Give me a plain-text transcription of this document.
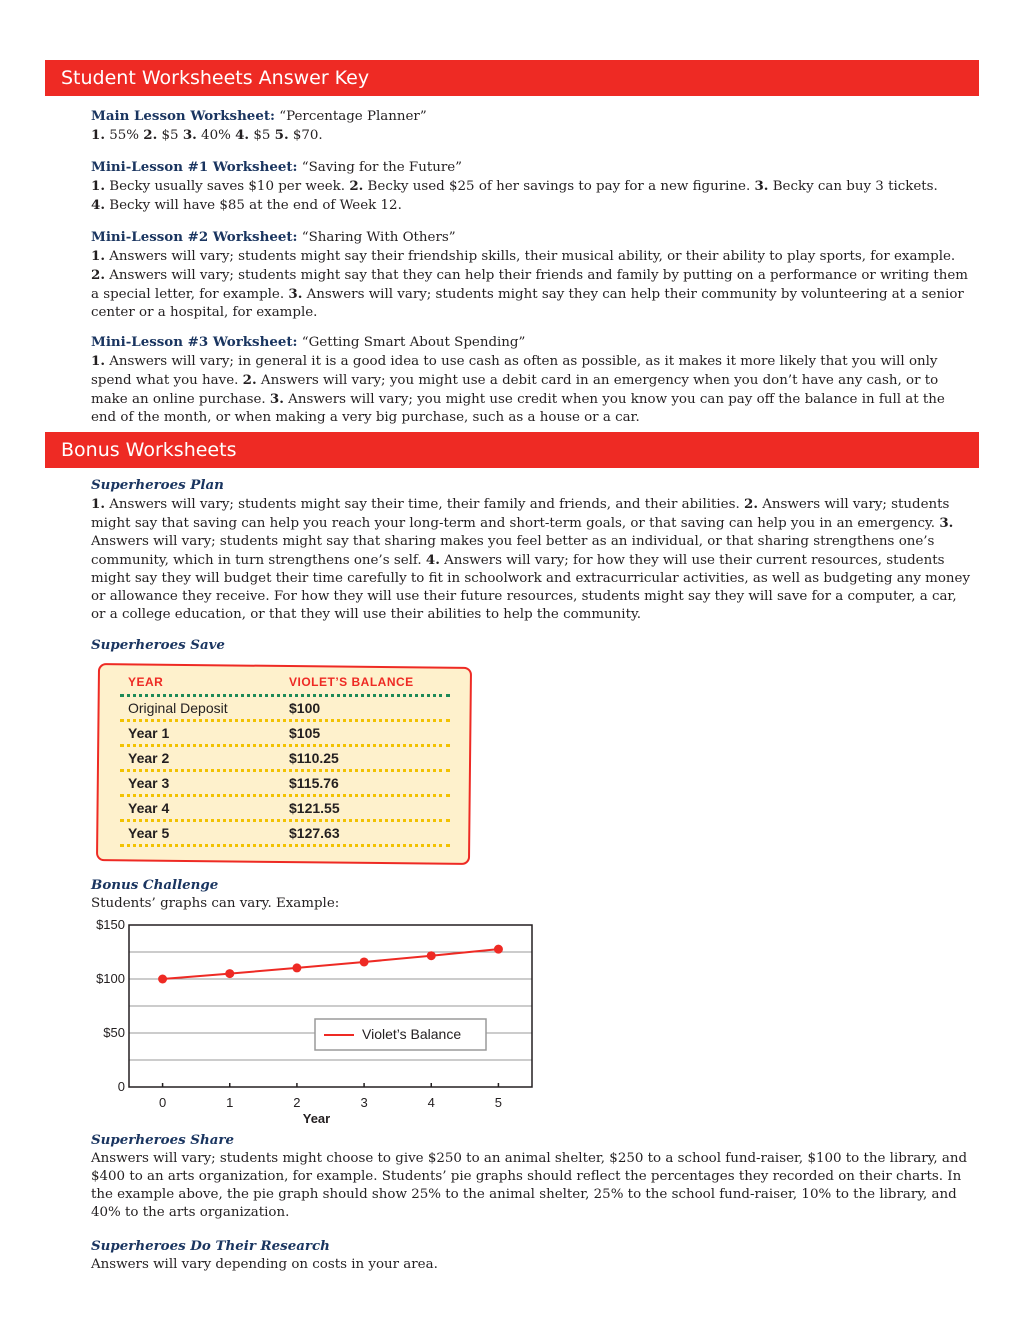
Student Worksheets Answer Key

Main Lesson Worksheet: “Percentage Planner”

1. 55% 2. $5 3. 40% 4. $5 5. $70.

Mini-Lesson #1 Worksheet: “Saving for the Future”

1. Becky usually saves $10 per week. 2. Becky used $25 of her savings to pay for a new figurine. 3. Becky can buy 3 tickets.
4. Becky will have $85 at the end of Week 12.

Mini-Lesson #2 Worksheet: “Sharing With Others”

1. Answers will vary; students might say their friendship skills, their musical ability, or their ability to play sports, for example. 2. Answers will vary; students might say that they can help their friends and family by putting on a performance or writing them a special letter, for example. 3. Answers will vary; students might say they can help their community by volunteering at a senior center or a hospital, for example.

Mini-Lesson #3 Worksheet: “Getting Smart About Spending”

1. Answers will vary; in general it is a good idea to use cash as often as possible, as it makes it more likely that you will only spend what you have. 2. Answers will vary; you might use a debit card in an emergency when you don’t have any cash, or to make an online purchase. 3. Answers will vary; you might use credit when you know you can pay off the balance in full at the end of the month, or when making a very big purchase, such as a house or a car.

Bonus Worksheets

Superheroes Plan

1. Answers will vary; students might say their time, their family and friends, and their abilities. 2. Answers will vary; students might say that saving can help you reach your long-term and short-term goals, or that saving can help you in an emergency. 3. Answers will vary; students might say that sharing makes you feel better as an individual, or that sharing strengthens one’s community, which in turn strengthens one’s self. 4. Answers will vary; for how they will use their current resources, students might say they will budget their time carefully to fit in schoolwork and extracurricular activities, as well as budgeting any money or allowance they receive. For how they will use their future resources, students might say they will save for a computer, a car, or a college education, or that they will use their abilities to help the community.

Superheroes Save

YEAR	VIOLET’S BALANCE
Original Deposit	$100
Year 1	$105
Year 2	$110.25
Year 3	$115.76
Year 4	$121.55
Year 5	$127.63

Bonus Challenge

Students’ graphs can vary. Example:

0
$50
$100
$150
0	1	2	3	4	5
Year
Violet’s Balance

Superheroes Share

Answers will vary; students might choose to give $250 to an animal shelter, $250 to a school fund-raiser, $100 to the library, and $400 to an arts organization, for example. Students’ pie graphs should reflect the percentages they recorded on their charts. In the example above, the pie graph should show 25% to the animal shelter, 25% to the school fund-raiser, 10% to the library, and 40% to the arts organization.

Superheroes Do Their Research

Answers will vary depending on costs in your area.
